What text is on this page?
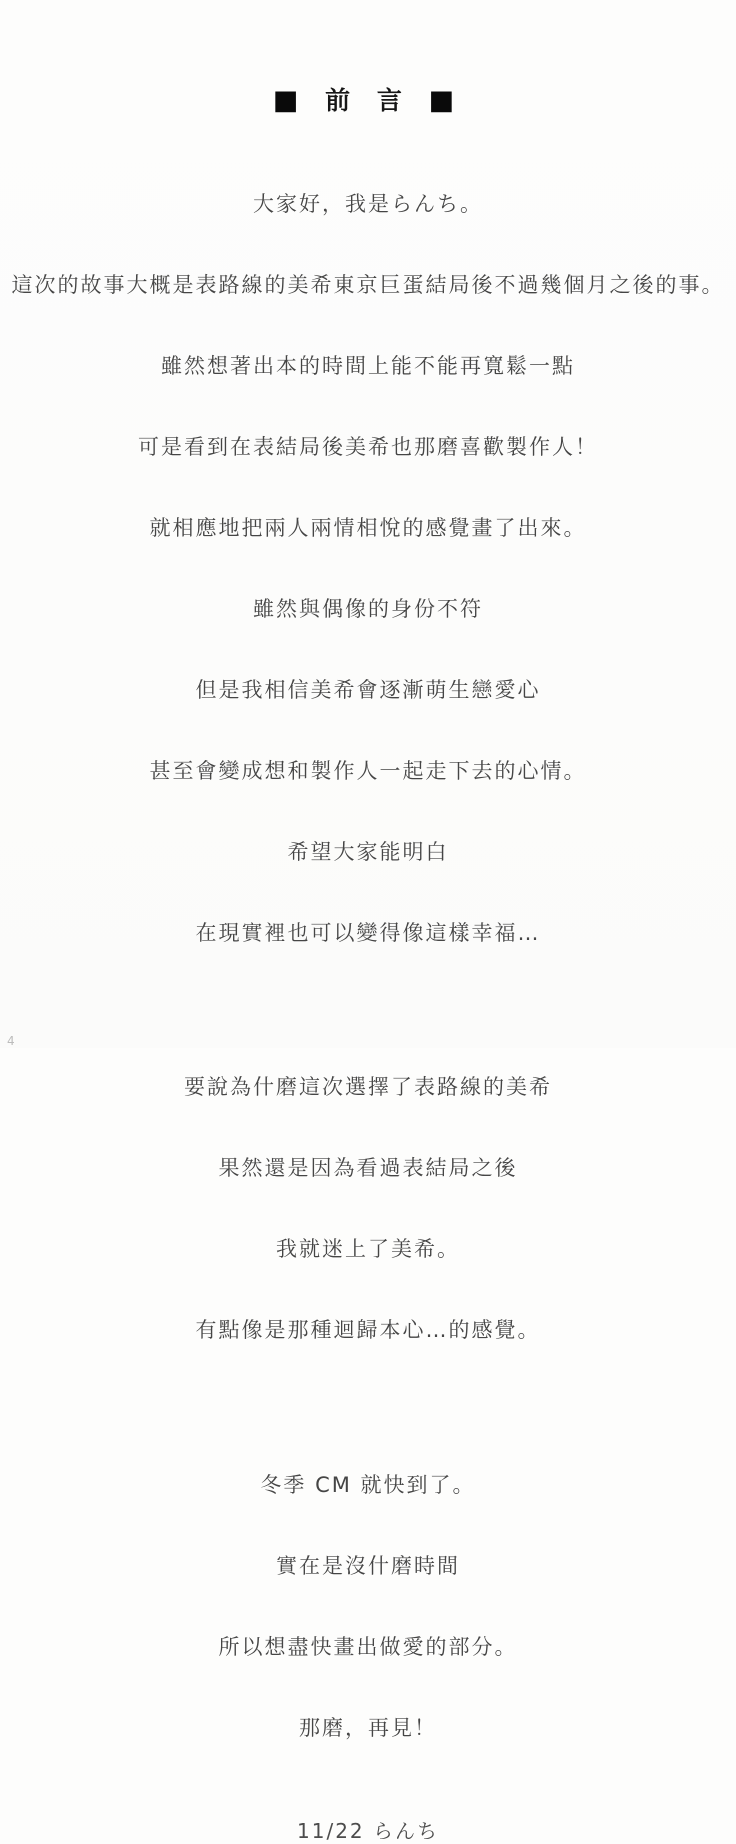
■ 前 言 ■

大家好，我是らんち。

這次的故事大概是表路線的美希東京巨蛋結局後不過幾個月之後的事。

雖然想著出本的時間上能不能再寬鬆一點

可是看到在表結局後美希也那磨喜歡製作人！

就相應地把兩人兩情相悅的感覺畫了出來。

雖然與偶像的身份不符

但是我相信美希會逐漸萌生戀愛心

甚至會變成想和製作人一起走下去的心情。

希望大家能明白

在現實裡也可以變得像這樣幸福…

要說為什磨這次選擇了表路線的美希

果然還是因為看過表結局之後

我就迷上了美希。

有點像是那種迴歸本心…的感覺。

冬季 CM 就快到了。

實在是沒什磨時間

所以想盡快畫出做愛的部分。

那磨，再見！

11/22 らんち
4
